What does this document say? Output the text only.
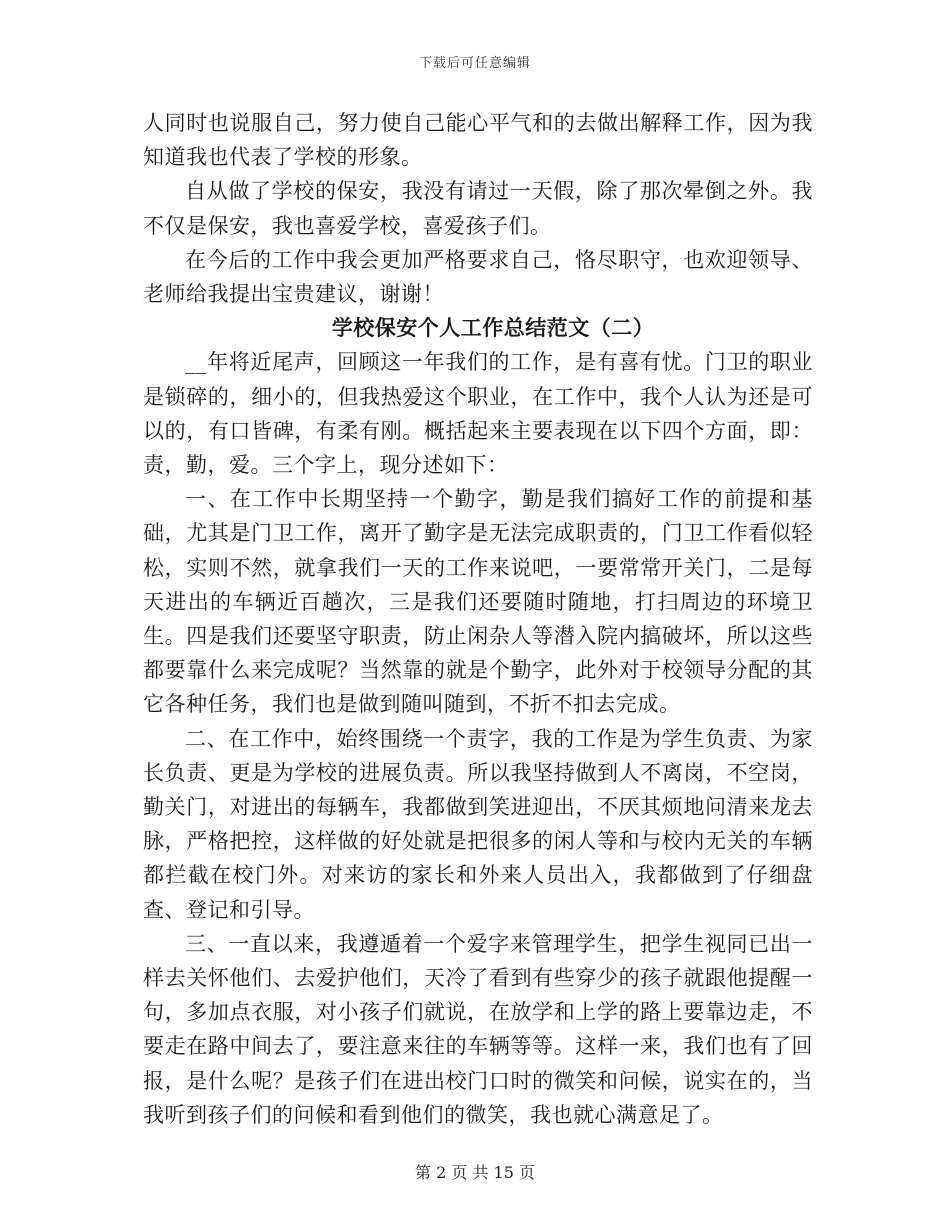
下载后可任意编辑

人同时也说服自己，努力使自己能心平气和的去做出解释工作，因为我知道我也代表了学校的形象。

自从做了学校的保安，我没有请过一天假，除了那次晕倒之外。我不仅是保安，我也喜爱学校，喜爱孩子们。

在今后的工作中我会更加严格要求自己，恪尽职守，也欢迎领导、老师给我提出宝贵建议，谢谢！

学校保安个人工作总结范文（二）

__年将近尾声，回顾这一年我们的工作，是有喜有忧。门卫的职业是锁碎的，细小的，但我热爱这个职业，在工作中，我个人认为还是可以的，有口皆碑，有柔有刚。概括起来主要表现在以下四个方面，即：责，勤，爱。三个字上，现分述如下：

一、在工作中长期坚持一个勤字，勤是我们搞好工作的前提和基础，尤其是门卫工作，离开了勤字是无法完成职责的，门卫工作看似轻松，实则不然，就拿我们一天的工作来说吧，一要常常开关门，二是每天进出的车辆近百趟次，三是我们还要随时随地，打扫周边的环境卫生。四是我们还要坚守职责，防止闲杂人等潜入院内搞破坏，所以这些都要靠什么来完成呢？当然靠的就是个勤字，此外对于校领导分配的其它各种任务，我们也是做到随叫随到，不折不扣去完成。

二、在工作中，始终围绕一个责字，我的工作是为学生负责、为家长负责、更是为学校的进展负责。所以我坚持做到人不离岗，不空岗，勤关门，对进出的每辆车，我都做到笑进迎出，不厌其烦地问清来龙去脉，严格把控，这样做的好处就是把很多的闲人等和与校内无关的车辆都拦截在校门外。对来访的家长和外来人员出入，我都做到了仔细盘查、登记和引导。

三、一直以来，我遵遁着一个爱字来管理学生，把学生视同已出一样去关怀他们、去爱护他们，天冷了看到有些穿少的孩子就跟他提醒一句，多加点衣服，对小孩子们就说，在放学和上学的路上要靠边走，不要走在路中间去了，要注意来往的车辆等等。这样一来，我们也有了回报，是什么呢？是孩子们在进出校门口时的微笑和问候，说实在的，当我听到孩子们的问候和看到他们的微笑，我也就心满意足了。

第 2 页 共 15 页
